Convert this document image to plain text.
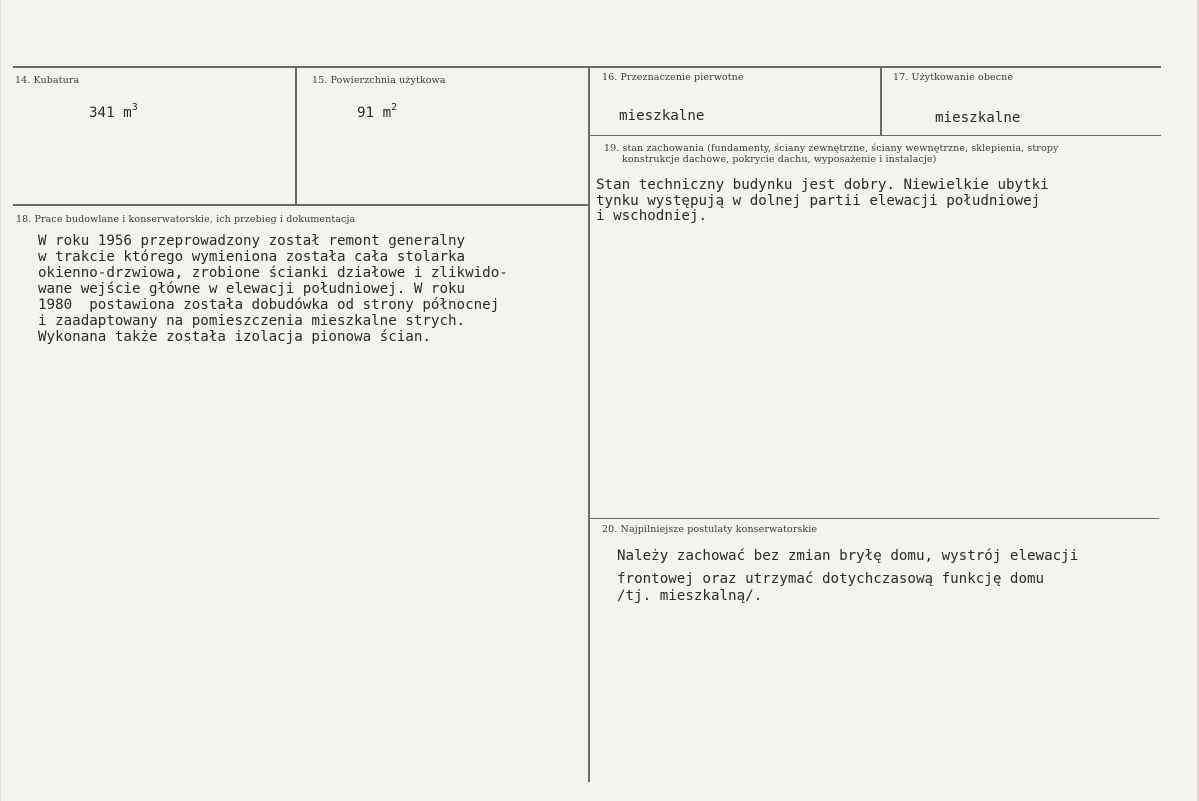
14. Kubatura
341 $m^3$
15. Powierzchnia użytkowa
91 $m^2$
16. Przeznaczenie pierwotne
mieszkalne
17. Użytkowanie obecne
mieszkalne
18. Prace budowlane i konserwatorskie, ich przebieg i dokumentacja
W roku 1956 przeprowadzony został remont generalny
w trakcie którego wymieniona została cała stolarka
okienno-drzwiowa, zrobione ścianki działowe i zlikwido-
wane wejście główne w elewacji południowej. W roku
1980  postawiona została dobudówka od strony północnej
i zaadaptowany na pomieszczenia mieszkalne strych.
Wykonana także została izolacja pionowa ścian.
19. stan zachowania (fundamenty, ściany zewnętrzne, ściany wewnętrzne, sklepienia, stropy
konstrukcje dachowe, pokrycie dachu, wyposażenie i instalacje)
Stan techniczny budynku jest dobry. Niewielkie ubytki
tynku występują w dolnej partii elewacji południowej
i wschodniej.
20. Najpilniejsze postulaty konserwatorskie
Należy zachować bez zmian bryłę domu, wystrój elewacji
frontowej oraz utrzymać dotychczasową funkcję domu
/tj. mieszkalną/.
